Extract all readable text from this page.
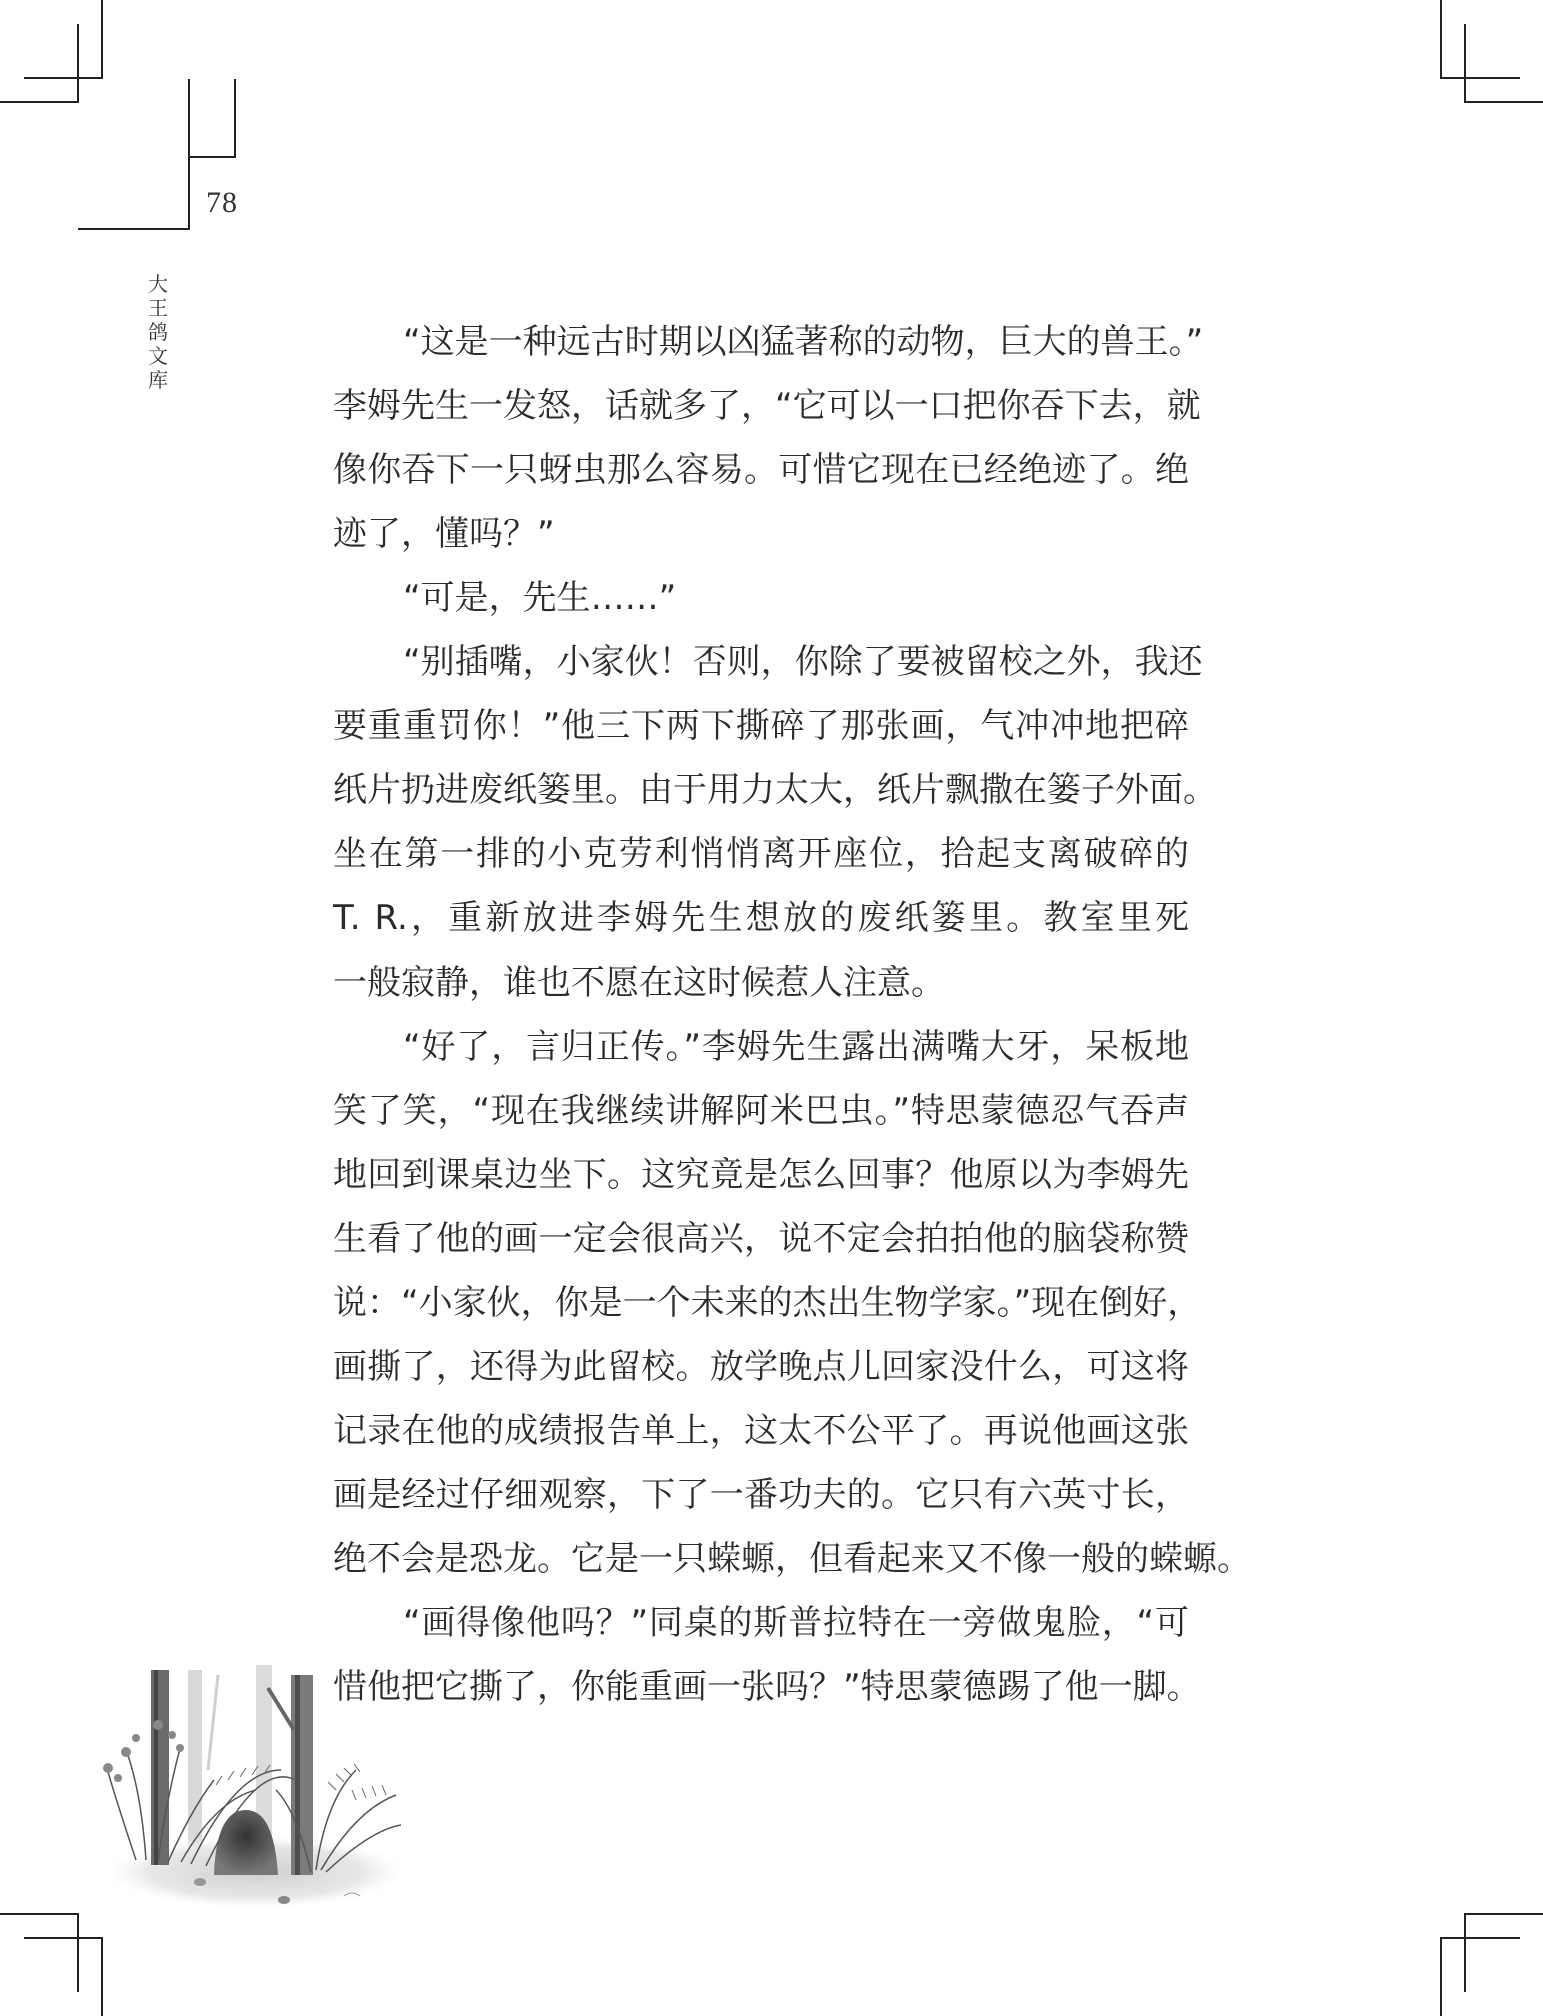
78
大王鸽文库
“这是一种远古时期以凶猛著称的动物，巨大的兽王。”
李姆先生一发怒，话就多了，“它可以一口把你吞下去，就
像你吞下一只蚜虫那么容易。可惜它现在已经绝迹了。绝
迹了，懂吗？”
“可是，先生……”
“别插嘴，小家伙！否则，你除了要被留校之外，我还
要重重罚你！”他三下两下撕碎了那张画，气冲冲地把碎
纸片扔进废纸篓里。由于用力太大，纸片飘撒在篓子外面。
坐在第一排的小克劳利悄悄离开座位，拾起支离破碎的
T. R.，重新放进李姆先生想放的废纸篓里。教室里死
一般寂静，谁也不愿在这时候惹人注意。
“好了，言归正传。”李姆先生露出满嘴大牙，呆板地
笑了笑，“现在我继续讲解阿米巴虫。”特思蒙德忍气吞声
地回到课桌边坐下。这究竟是怎么回事？他原以为李姆先
生看了他的画一定会很高兴，说不定会拍拍他的脑袋称赞
说：“小家伙，你是一个未来的杰出生物学家。”现在倒好，
画撕了，还得为此留校。放学晚点儿回家没什么，可这将
记录在他的成绩报告单上，这太不公平了。再说他画这张
画是经过仔细观察，下了一番功夫的。它只有六英寸长，
绝不会是恐龙。它是一只蝾螈，但看起来又不像一般的蝾螈。
“画得像他吗？”同桌的斯普拉特在一旁做鬼脸，“可
惜他把它撕了，你能重画一张吗？”特思蒙德踢了他一脚。
